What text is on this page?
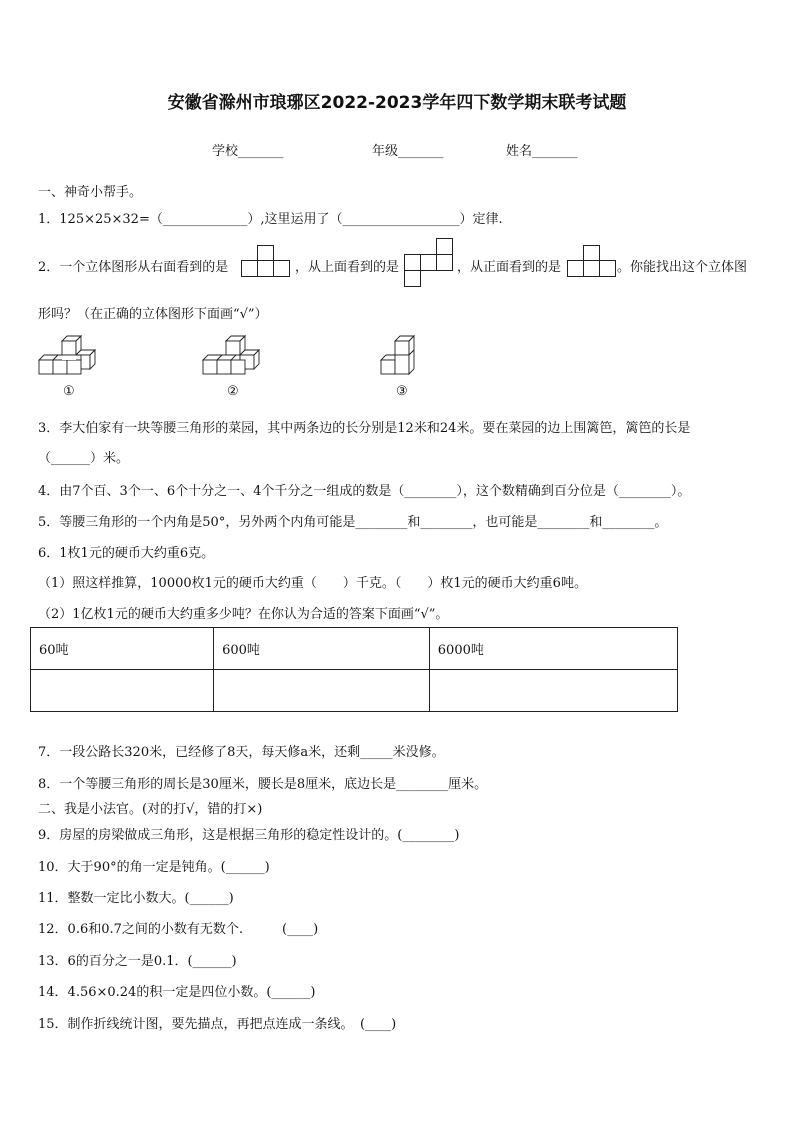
安徽省滁州市琅琊区2022-2023学年四下数学期末联考试题
学校_______	年级_______	姓名_______
一、神奇小帮手。
1．125×25×32=（_____________）,这里运用了（__________________）定律.
2．一个立体图形从右面看到的是	，从上面看到的是	，从正面看到的是	。你能找出这个立体图
形吗？（在正确的立体图形下面画“√”）
①	②	③
3．李大伯家有一块等腰三角形的菜园，其中两条边的长分别是12米和24米。要在菜园的边上围篱笆，篱笆的长是
（______）米。
4．由7个百、3个一、6个十分之一、4个千分之一组成的数是（________），这个数精确到百分位是（________）。
5．等腰三角形的一个内角是50°，另外两个内角可能是________和________，也可能是________和________。
6．1枚1元的硬币大约重6克。
（1）照这样推算，10000枚1元的硬币大约重（　　）千克。（　　）枚1元的硬币大约重6吨。
（2）1亿枚1元的硬币大约重多少吨？在你认为合适的答案下面画“√”。
60吨	600吨	6000吨

7．一段公路长320米，已经修了8天，每天修a米，还剩_____米没修。
8．一个等腰三角形的周长是30厘米，腰长是8厘米，底边长是________厘米。
二、我是小法官。(对的打√，错的打×)
9．房屋的房梁做成三角形，这是根据三角形的稳定性设计的。(________)
10．大于90°的角一定是钝角。(______)
11．整数一定比小数大。(______)
12．0.6和0.7之间的小数有无数个.　　　(____)
13．6的百分之一是0.1．(______)
14．4.56×0.24的积一定是四位小数。(______)
15．制作折线统计图，要先描点，再把点连成一条线。　(____)
